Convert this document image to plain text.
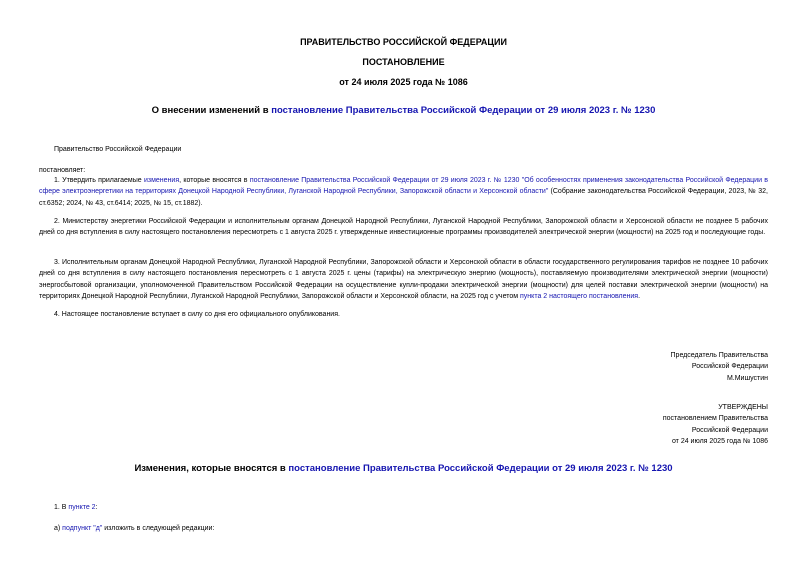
ПРАВИТЕЛЬСТВО РОССИЙСКОЙ ФЕДЕРАЦИИ
ПОСТАНОВЛЕНИЕ
от 24 июля 2025 года № 1086
О внесении изменений в постановление Правительства Российской Федерации от 29 июля 2023 г. № 1230
Правительство Российской Федерации
постановляет:
1. Утвердить прилагаемые изменения, которые вносятся в постановление Правительства Российской Федерации от 29 июля 2023 г. № 1230 "Об особенностях применения законодательства Российской Федерации в сфере электроэнергетики на территориях Донецкой Народной Республики, Луганской Народной Республики, Запорожской области и Херсонской области" (Собрание законодательства Российской Федерации, 2023, № 32, ст.6352; 2024, № 43, ст.6414; 2025, № 15, ст.1882).
2. Министерству энергетики Российской Федерации и исполнительным органам Донецкой Народной Республики, Луганской Народной Республики, Запорожской области и Херсонской области не позднее 5 рабочих дней со дня вступления в силу настоящего постановления пересмотреть с 1 августа 2025 г. утвержденные инвестиционные программы производителей электрической энергии (мощности) на 2025 год и последующие годы.
3. Исполнительным органам Донецкой Народной Республики, Луганской Народной Республики, Запорожской области и Херсонской области в области государственного регулирования тарифов не позднее 10 рабочих дней со дня вступления в силу настоящего постановления пересмотреть с 1 августа 2025 г. цены (тарифы) на электрическую энергию (мощность), поставляемую производителями электрической энергии (мощности) энергосбытовой организации, уполномоченной Правительством Российской Федерации на осуществление купли-продажи электрической энергии (мощности) для целей поставки электрической энергии (мощности) на территориях Донецкой Народной Республики, Луганской Народной Республики, Запорожской области и Херсонской области, на 2025 год с учетом пункта 2 настоящего постановления.
4. Настоящее постановление вступает в силу со дня его официального опубликования.
Председатель Правительства
Российской Федерации
М.Мишустин
УТВЕРЖДЕНЫ
постановлением Правительства
Российской Федерации
от 24 июля 2025 года № 1086
Изменения, которые вносятся в постановление Правительства Российской Федерации от 29 июля 2023 г. № 1230
1. В пункте 2:
а) подпункт "д" изложить в следующей редакции:
